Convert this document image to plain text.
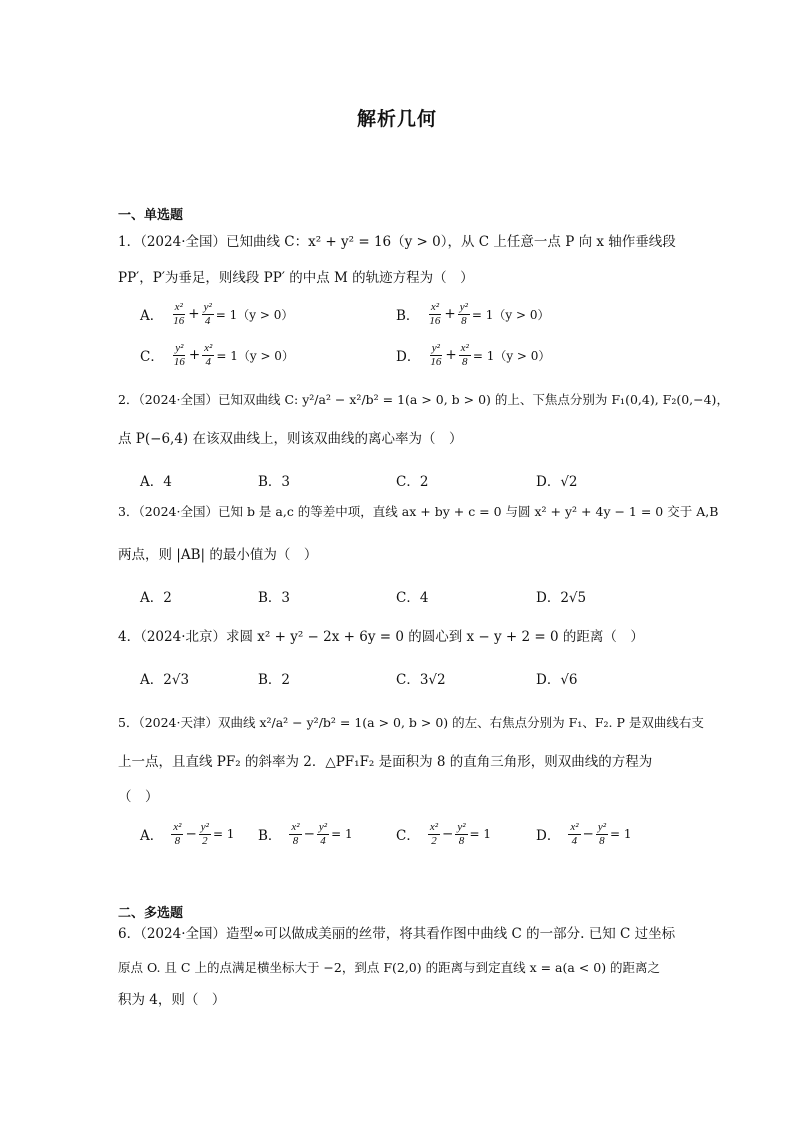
解析几何
一、单选题
1．（2024·全国）已知曲线 C：x² + y² = 16（y > 0），从 C 上任意一点 P 向 x 轴作垂线段
PP′，P′为垂足，则线段 PP′ 的中点 M 的轨迹方程为（　）
A． $\frac{\text{x²}}{16} + \frac{\text{y²}}{4} = 1(y > 0)$	B． $\frac{\text{x²}}{16} + \frac{\text{y²}}{8} = 1(y > 0)$
C． $\frac{\text{y²}}{16} + \frac{\text{x²}}{4} = 1(y > 0)$	D． $\frac{\text{y²}}{16} + \frac{\text{x²}}{8} = 1(y > 0)$
2．（2024·全国）已知双曲线 C: y²/a² − x²/b² = 1(a > 0, b > 0) 的上、下焦点分别为 F₁(0,4), F₂(0,−4)，
点 P(−6,4) 在该双曲线上，则该双曲线的离心率为（　）
A．4	B．3	C．2	D．√2
3．（2024·全国）已知 b 是 a,c 的等差中项，直线 ax + by + c = 0 与圆 x² + y² + 4y − 1 = 0 交于 A,B
两点，则 |AB| 的最小值为（　）
A．2	B．3	C．4	D．2√5
4．（2024·北京）求圆 x² + y² − 2x + 6y = 0 的圆心到 x − y + 2 = 0 的距离（　）
A．2√3	B．2	C．3√2	D．√6
5．（2024·天津）双曲线 x²/a² − y²/b² = 1(a > 0, b > 0) 的左、右焦点分别为 F₁、F₂. P 是双曲线右支
上一点，且直线 PF₂ 的斜率为 2．△PF₁F₂ 是面积为 8 的直角三角形，则双曲线的方程为
（　）
A． $\frac{\text{x²}}{8} - \frac{\text{y²}}{2} = 1$ B． $\frac{\text{x²}}{8} - \frac{\text{y²}}{4} = 1$	C． $\frac{\text{x²}}{2} - \frac{\text{y²}}{8} = 1$	D． $\frac{\text{x²}}{4} - \frac{\text{y²}}{8} = 1$
二、多选题
6．（2024·全国）造型∞可以做成美丽的丝带，将其看作图中曲线 C 的一部分. 已知 C 过坐标
原点 O. 且 C 上的点满足横坐标大于 −2，到点 F(2,0) 的距离与到定直线 x = a(a < 0) 的距离之
积为 4，则（　）
